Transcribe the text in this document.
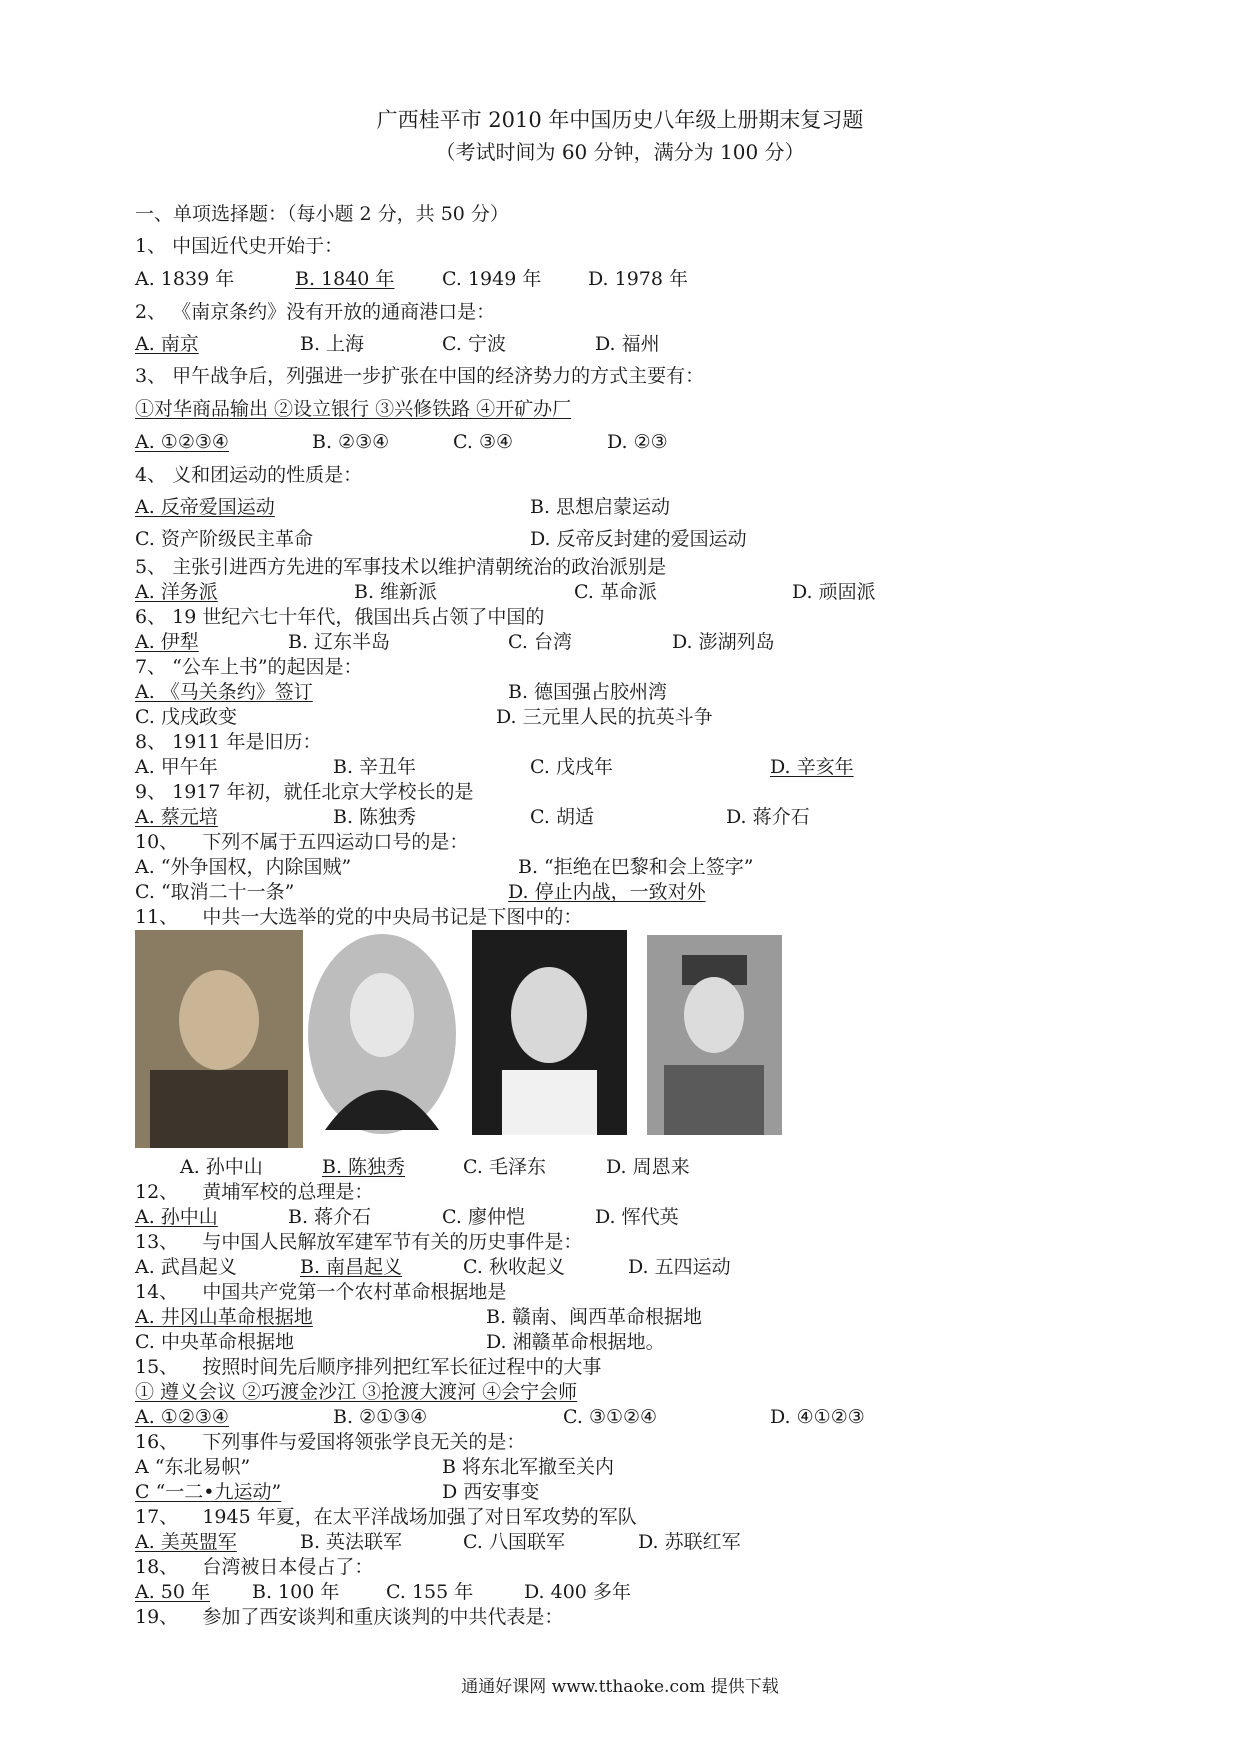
广西桂平市 2010 年中国历史八年级上册期末复习题
（考试时间为 60 分钟，满分为 100 分）
一、单项选择题：（每小题 2 分，共 50 分）
1、 中国近代史开始于：
A. 1839 年	B. 1840 年	C. 1949 年 D. 1978 年
2、 《南京条约》没有开放的通商港口是：
A. 南京	B. 上海	C. 宁波	D. 福州
3、 甲午战争后，列强进一步扩张在中国的经济势力的方式主要有：
①对华商品输出 ②设立银行 ③兴修铁路 ④开矿办厂
A. ①②③④	B. ②③④	C. ③④	D. ②③
4、 义和团运动的性质是：
A. 反帝爱国运动	B. 思想启蒙运动
C. 资产阶级民主革命	D. 反帝反封建的爱国运动
5、 主张引进西方先进的军事技术以维护清朝统治的政治派别是
A. 洋务派	B. 维新派	C. 革命派	D. 顽固派
6、 19 世纪六七十年代，俄国出兵占领了中国的
A. 伊犁	B. 辽东半岛	C. 台湾	D. 澎湖列岛
7、 “公车上书”的起因是：
A. 《马关条约》签订	B. 德国强占胶州湾
C. 戊戌政变	D. 三元里人民的抗英斗争
8、 1911 年是旧历：
A. 甲午年	B. 辛丑年	C. 戊戌年	D. 辛亥年
9、 1917 年初，就任北京大学校长的是
A. 蔡元培	B. 陈独秀	C. 胡适	D. 蒋介石
10、    下列不属于五四运动口号的是：
A. “外争国权，内除国贼”	B. “拒绝在巴黎和会上签字”
C. “取消二十一条”	D. 停止内战，一致对外
11、    中共一大选举的党的中央局书记是下图中的：
A. 孙中山	B. 陈独秀	C. 毛泽东	D. 周恩来
12、    黄埔军校的总理是：
A. 孙中山	B. 蒋介石	C. 廖仲恺	D. 恽代英
13、    与中国人民解放军建军节有关的历史事件是：
A. 武昌起义	B. 南昌起义	C. 秋收起义	D. 五四运动
14、    中国共产党第一个农村革命根据地是
A. 井冈山革命根据地	B. 赣南、闽西革命根据地
C. 中央革命根据地	D. 湘赣革命根据地。
15、    按照时间先后顺序排列把红军长征过程中的大事
① 遵义会议 ②巧渡金沙江 ③抢渡大渡河 ④会宁会师
A. ①②③④	B. ②①③④	C. ③①②④	D. ④①②③
16、    下列事件与爱国将领张学良无关的是：
A “东北易帜”	B 将东北军撤至关内
C “一二•九运动”	D 西安事变
17、    1945 年夏，在太平洋战场加强了对日军攻势的军队
A. 美英盟军	B. 英法联军	C. 八国联军	D. 苏联红军
18、    台湾被日本侵占了：
A. 50 年 B. 100 年 C. 155 年	D. 400 多年
19、    参加了西安谈判和重庆谈判的中共代表是：
通通好课网 www.tthaoke.com 提供下载
